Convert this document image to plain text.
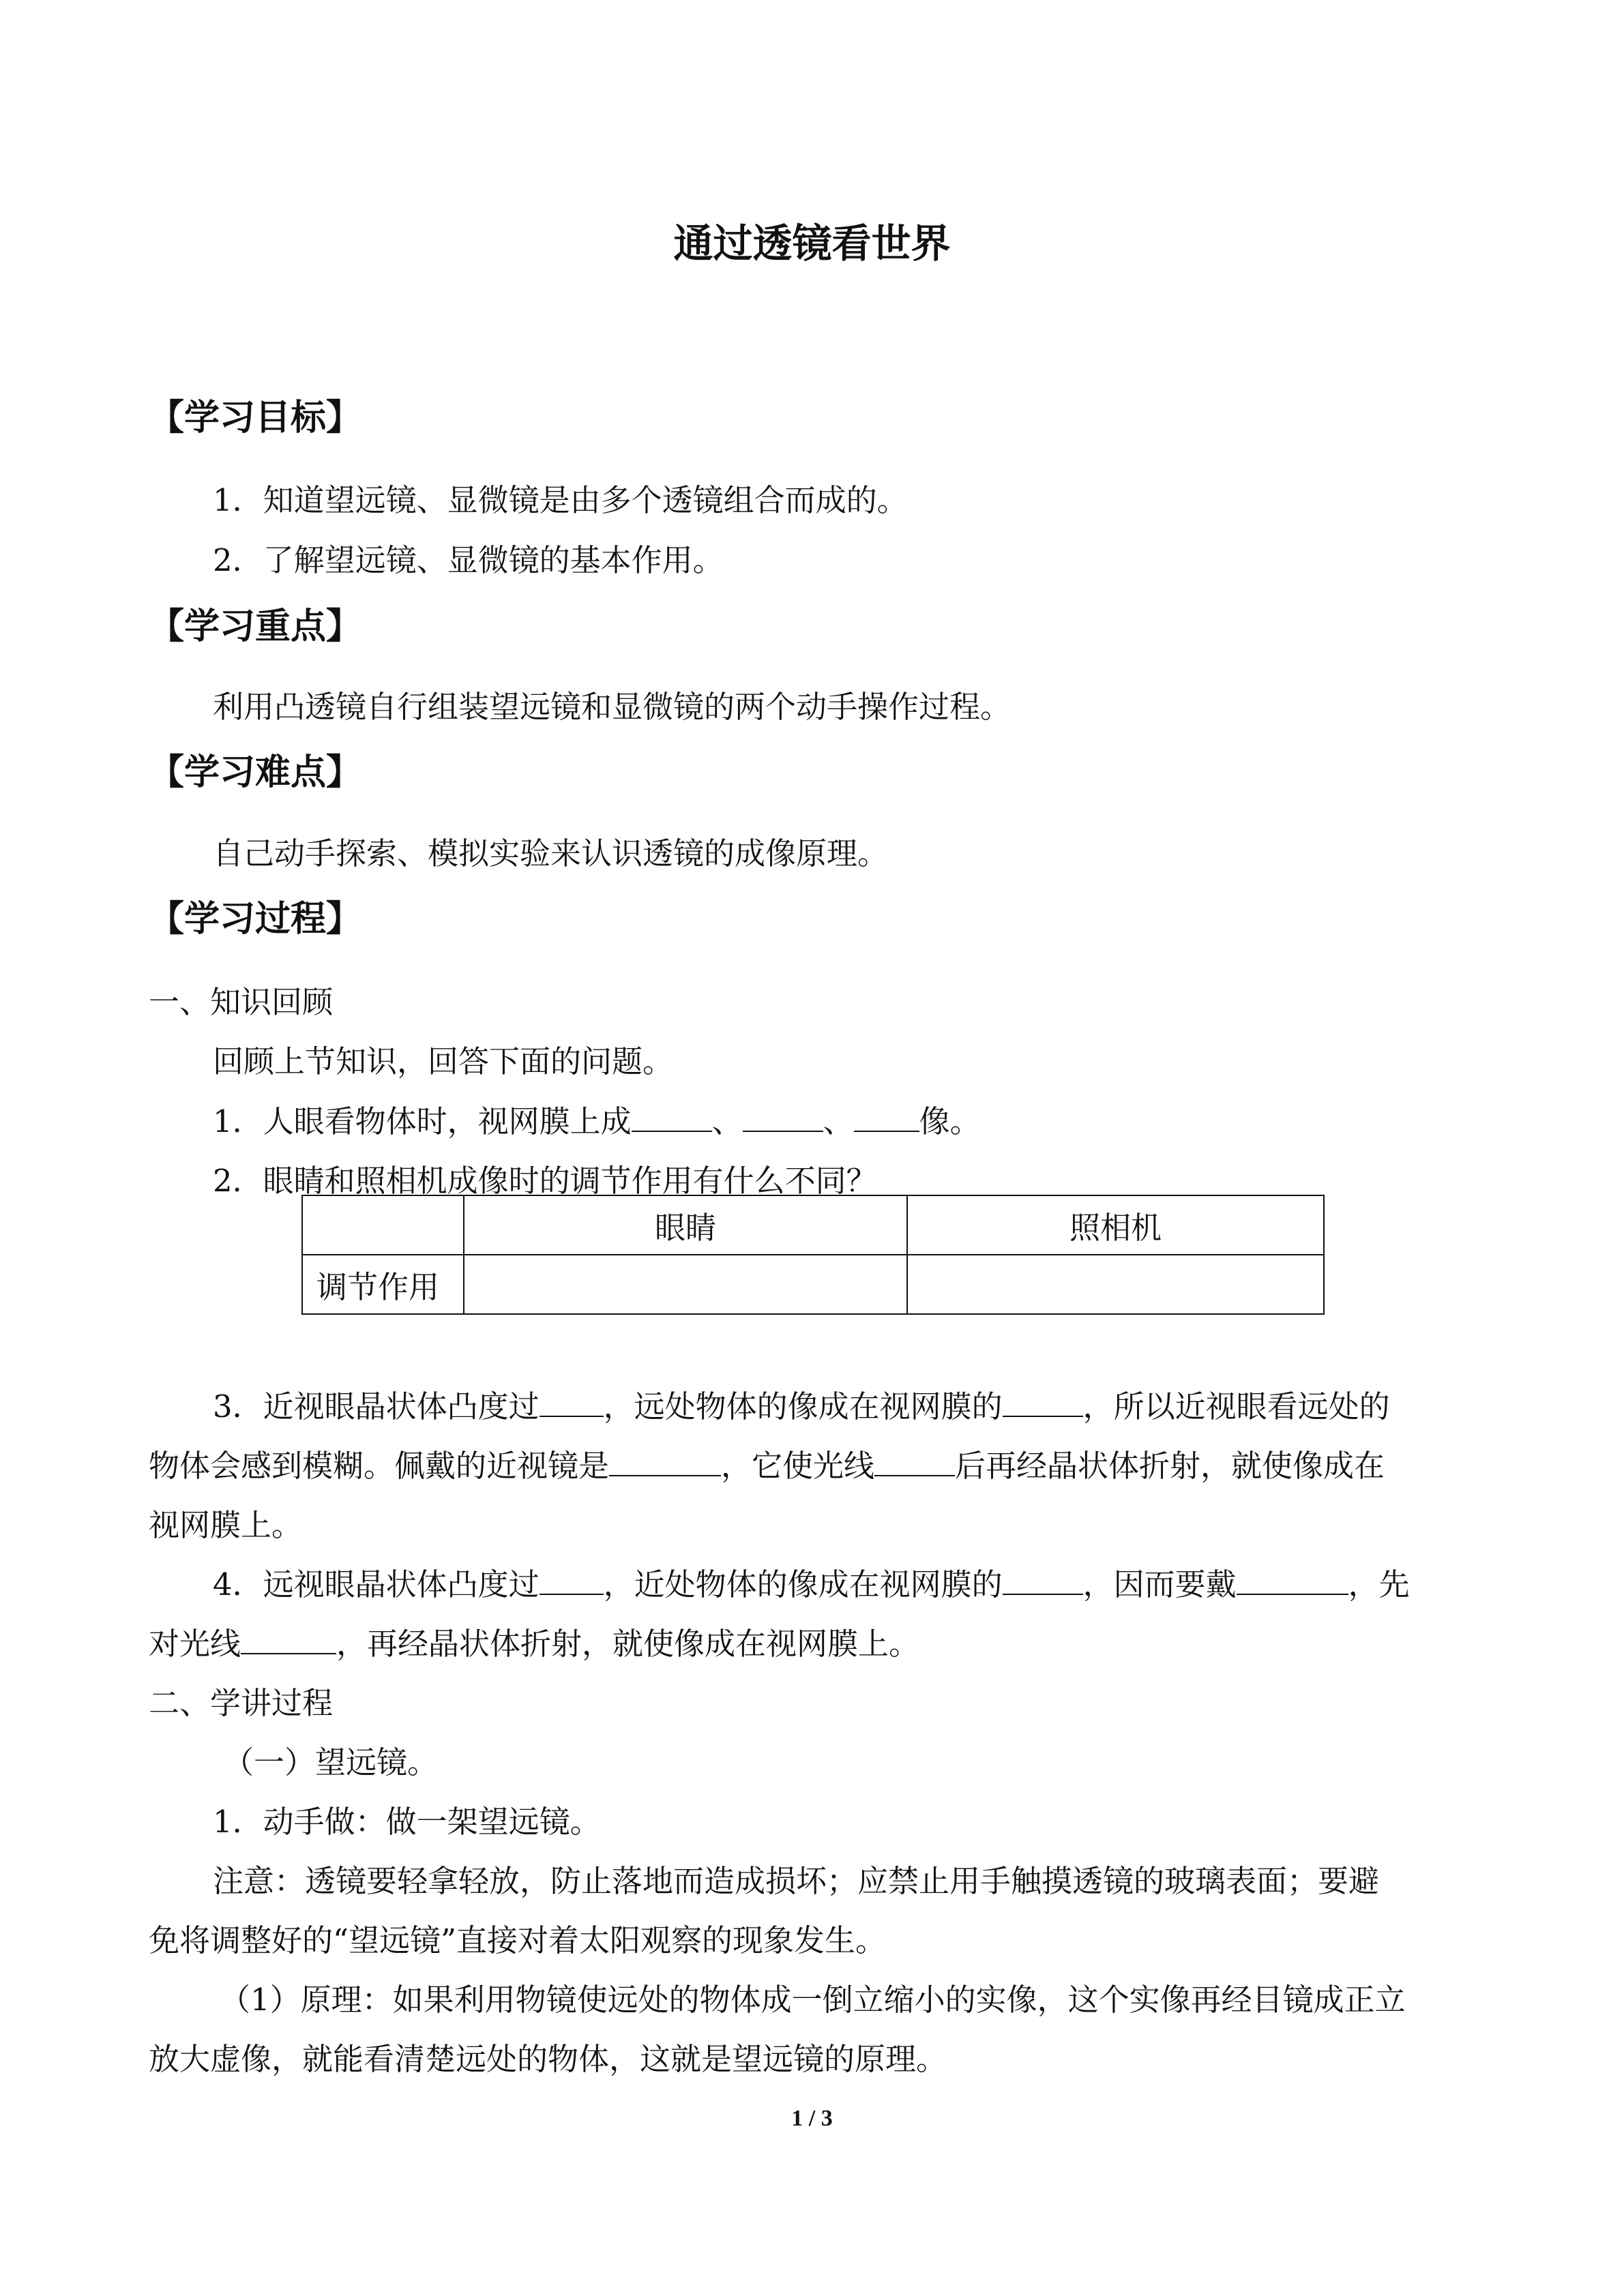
通过透镜看世界
【学习目标】
1．知道望远镜、显微镜是由多个透镜组合而成的。
2．了解望远镜、显微镜的基本作用。
【学习重点】
利用凸透镜自行组装望远镜和显微镜的两个动手操作过程。
【学习难点】
自己动手探索、模拟实验来认识透镜的成像原理。
【学习过程】
一、知识回顾
回顾上节知识，回答下面的问题。
1．人眼看物体时，视网膜上成	、	、 像。
2．眼睛和照相机成像时的调节作用有什么不同？
	眼睛	照相机
调节作用		
3．近视眼晶状体凸度过 ，远处物体的像成在视网膜的	，所以近视眼看远处的
物体会感到模糊。佩戴的近视镜是	，它使光线	后再经晶状体折射，就使像成在
视网膜上。
4．远视眼晶状体凸度过 ，近处物体的像成在视网膜的	，因而要戴	，先
对光线	，再经晶状体折射，就使像成在视网膜上。
二、学讲过程
（一）望远镜。
1．动手做：做一架望远镜。
注意：透镜要轻拿轻放，防止落地而造成损坏；应禁止用手触摸透镜的玻璃表面；要避
免将调整好的“望远镜”直接对着太阳观察的现象发生。
（1）原理：如果利用物镜使远处的物体成一倒立缩小的实像，这个实像再经目镜成正立
放大虚像，就能看清楚远处的物体，这就是望远镜的原理。
1 / 3
